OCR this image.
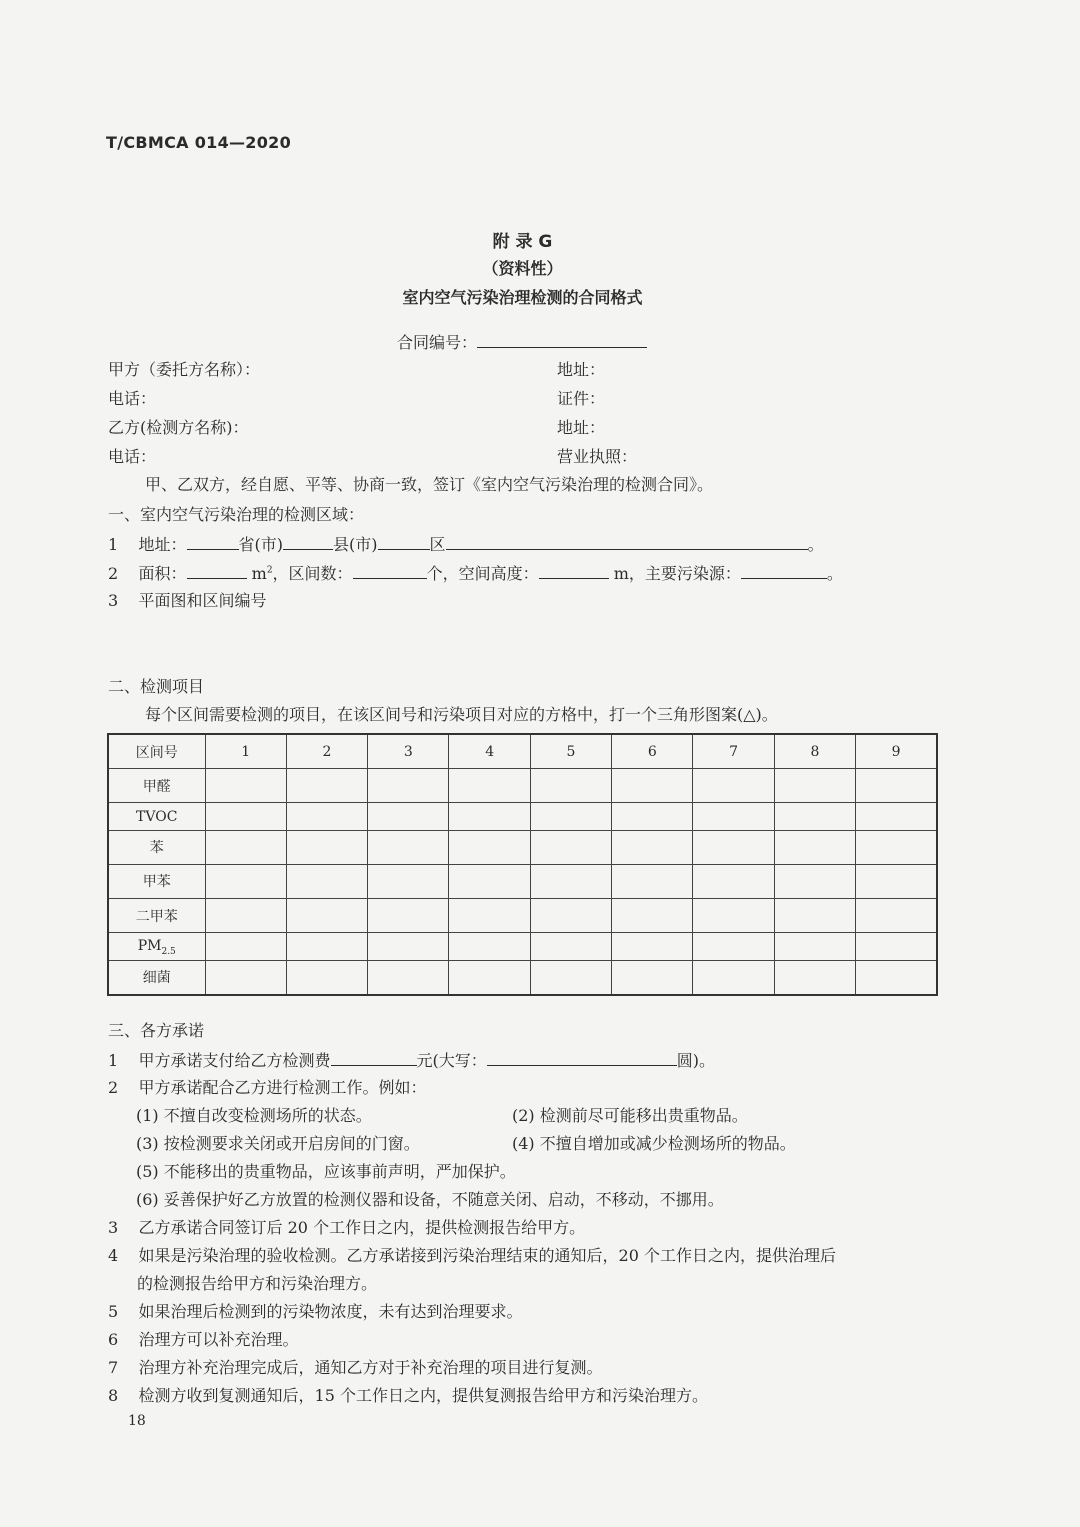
T/CBMCA 014—2020
附 录 G
（资料性）
室内空气污染治理检测的合同格式
合同编号：
甲方（委托方名称）：	地址：
电话：	证件：
乙方(检测方名称)：	地址：
电话：	营业执照：
甲、乙双方，经自愿、平等、协商一致，签订《室内空气污染治理的检测合同》。
一、室内空气污染治理的检测区域：
1 地址：	省(市)	县(市)	区	。
2 面积：	$m^2$，区间数：	个，空间高度：	m，主要污染源：	。
3 平面图和区间编号
二、检测项目
每个区间需要检测的项目，在该区间号和污染项目对应的方格中，打一个三角形图案(△)。
区间号	1	2	3	4	5	6	7	8	9
甲醛									
TVOC									
苯									
甲苯									
二甲苯									
$PM_{2.5}$									
细菌									
三、各方承诺
1 甲方承诺支付给乙方检测费	元(大写：	圆)。
2 甲方承诺配合乙方进行检测工作。例如：
(1) 不擅自改变检测场所的状态。	(2) 检测前尽可能移出贵重物品。
(3) 按检测要求关闭或开启房间的门窗。	(4) 不擅自增加或减少检测场所的物品。
(5) 不能移出的贵重物品，应该事前声明，严加保护。
(6) 妥善保护好乙方放置的检测仪器和设备，不随意关闭、启动，不移动，不挪用。
3 乙方承诺合同签订后 20 个工作日之内，提供检测报告给甲方。
4 如果是污染治理的验收检测。乙方承诺接到污染治理结束的通知后，20 个工作日之内，提供治理后
的检测报告给甲方和污染治理方。
5 如果治理后检测到的污染物浓度，未有达到治理要求。
6 治理方可以补充治理。
7 治理方补充治理完成后，通知乙方对于补充治理的项目进行复测。
8 检测方收到复测通知后，15 个工作日之内，提供复测报告给甲方和污染治理方。
18
